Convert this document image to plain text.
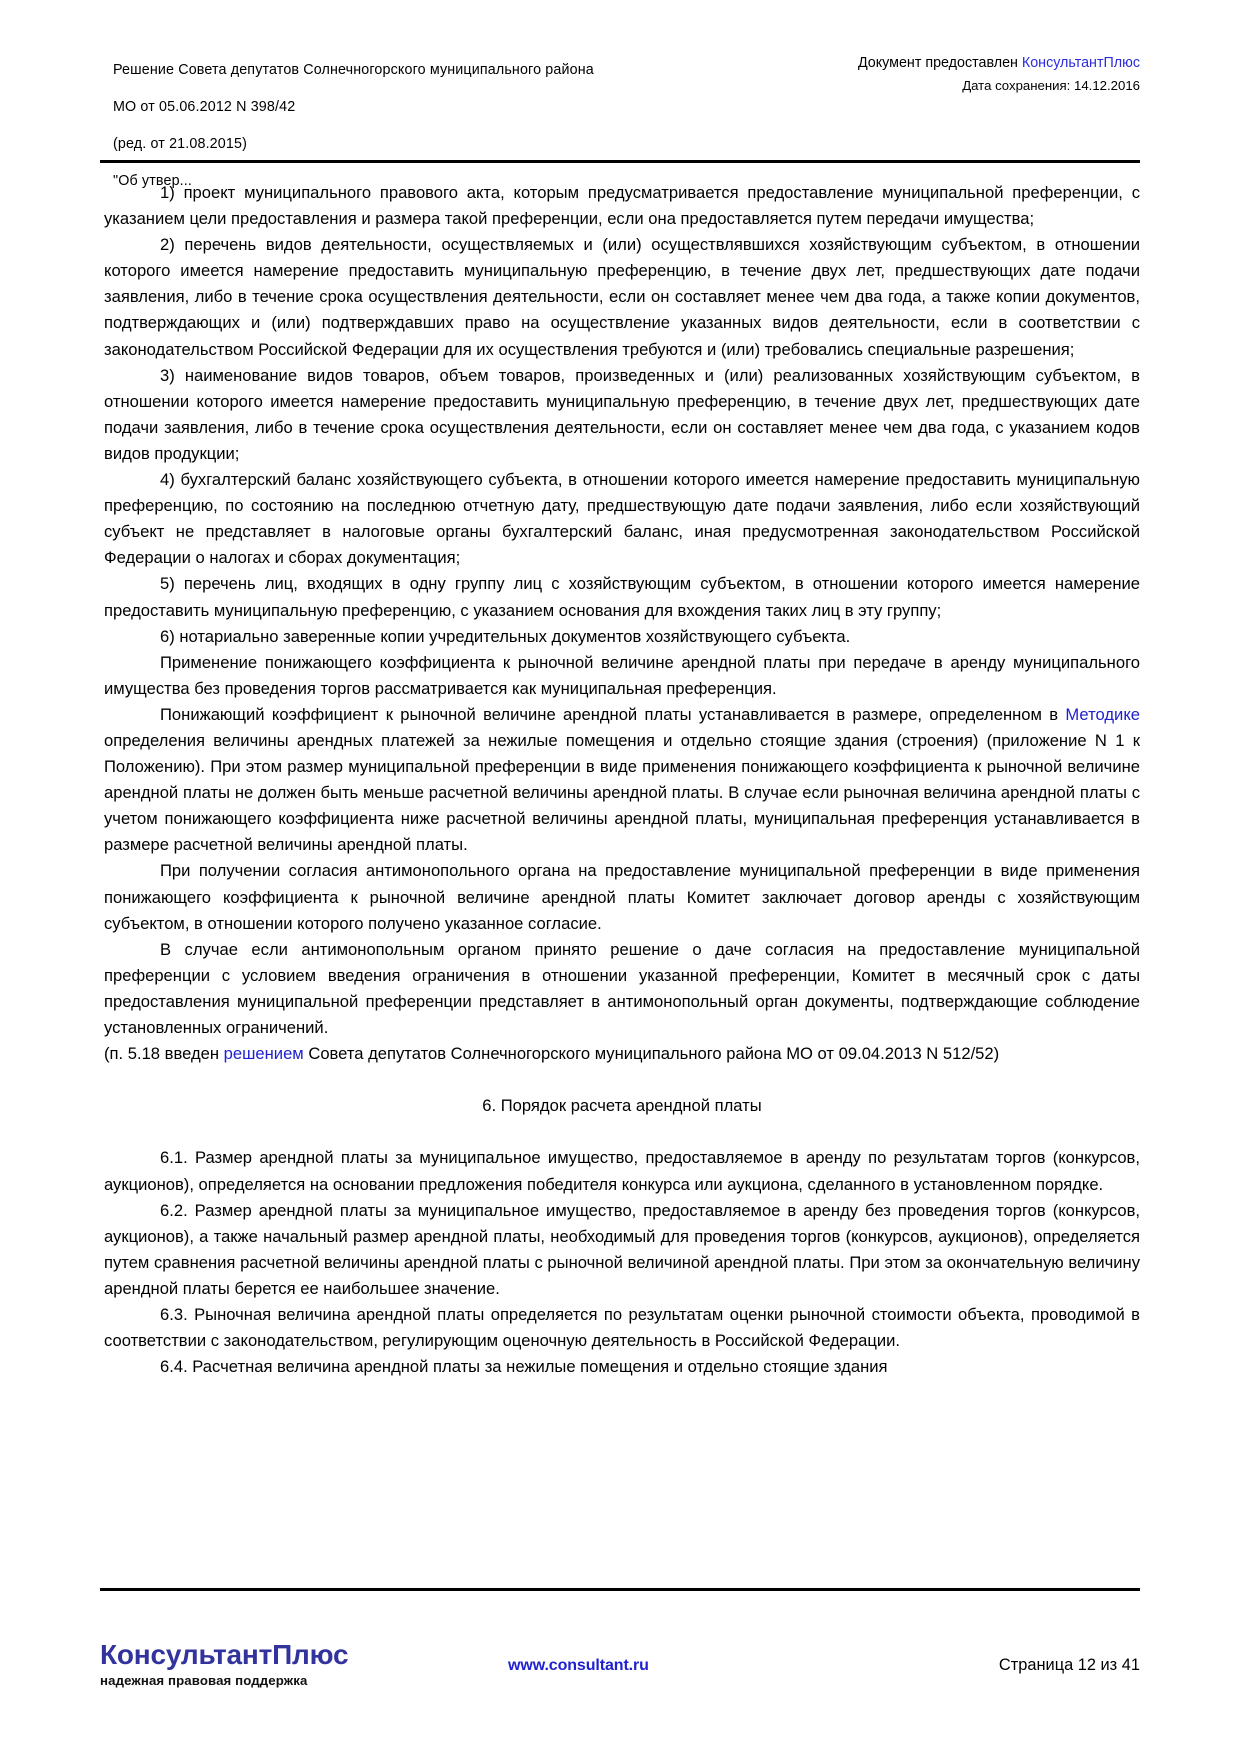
Решение Совета депутатов Солнечногорского муниципального района

МО от 05.06.2012 N 398/42

(ред. от 21.08.2015)

"Об утвер...

Документ предоставлен КонсультантПлюс
Дата сохранения: 14.12.2016

1) проект муниципального правового акта, которым предусматривается предоставление муниципальной преференции, с указанием цели предоставления и размера такой преференции, если она предоставляется путем передачи имущества;

2) перечень видов деятельности, осуществляемых и (или) осуществлявшихся хозяйствующим субъектом, в отношении которого имеется намерение предоставить муниципальную преференцию, в течение двух лет, предшествующих дате подачи заявления, либо в течение срока осуществления деятельности, если он составляет менее чем два года, а также копии документов, подтверждающих и (или) подтверждавших право на осуществление указанных видов деятельности, если в соответствии с законодательством Российской Федерации для их осуществления требуются и (или) требовались специальные разрешения;

3) наименование видов товаров, объем товаров, произведенных и (или) реализованных хозяйствующим субъектом, в отношении которого имеется намерение предоставить муниципальную преференцию, в течение двух лет, предшествующих дате подачи заявления, либо в течение срока осуществления деятельности, если он составляет менее чем два года, с указанием кодов видов продукции;

4) бухгалтерский баланс хозяйствующего субъекта, в отношении которого имеется намерение предоставить муниципальную преференцию, по состоянию на последнюю отчетную дату, предшествующую дате подачи заявления, либо если хозяйствующий субъект не представляет в налоговые органы бухгалтерский баланс, иная предусмотренная законодательством Российской Федерации о налогах и сборах документация;

5) перечень лиц, входящих в одну группу лиц с хозяйствующим субъектом, в отношении которого имеется намерение предоставить муниципальную преференцию, с указанием основания для вхождения таких лиц в эту группу;

6) нотариально заверенные копии учредительных документов хозяйствующего субъекта.

Применение понижающего коэффициента к рыночной величине арендной платы при передаче в аренду муниципального имущества без проведения торгов рассматривается как муниципальная преференция.

Понижающий коэффициент к рыночной величине арендной платы устанавливается в размере, определенном в Методике определения величины арендных платежей за нежилые помещения и отдельно стоящие здания (строения) (приложение N 1 к Положению). При этом размер муниципальной преференции в виде применения понижающего коэффициента к рыночной величине арендной платы не должен быть меньше расчетной величины арендной платы. В случае если рыночная величина арендной платы с учетом понижающего коэффициента ниже расчетной величины арендной платы, муниципальная преференция устанавливается в размере расчетной величины арендной платы.

При получении согласия антимонопольного органа на предоставление муниципальной преференции в виде применения понижающего коэффициента к рыночной величине арендной платы Комитет заключает договор аренды с хозяйствующим субъектом, в отношении которого получено указанное согласие.

В случае если антимонопольным органом принято решение о даче согласия на предоставление муниципальной преференции с условием введения ограничения в отношении указанной преференции, Комитет в месячный срок с даты предоставления муниципальной преференции представляет в антимонопольный орган документы, подтверждающие соблюдение установленных ограничений.

(п. 5.18 введен решением Совета депутатов Солнечногорского муниципального района МО от 09.04.2013 N 512/52)

6. Порядок расчета арендной платы

6.1. Размер арендной платы за муниципальное имущество, предоставляемое в аренду по результатам торгов (конкурсов, аукционов), определяется на основании предложения победителя конкурса или аукциона, сделанного в установленном порядке.

6.2. Размер арендной платы за муниципальное имущество, предоставляемое в аренду без проведения торгов (конкурсов, аукционов), а также начальный размер арендной платы, необходимый для проведения торгов (конкурсов, аукционов), определяется путем сравнения расчетной величины арендной платы с рыночной величиной арендной платы. При этом за окончательную величину арендной платы берется ее наибольшее значение.

6.3. Рыночная величина арендной платы определяется по результатам оценки рыночной стоимости объекта, проводимой в соответствии с законодательством, регулирующим оценочную деятельность в Российской Федерации.

6.4. Расчетная величина арендной платы за нежилые помещения и отдельно стоящие здания

КонсультантПлюс
надежная правовая поддержка
www.consultant.ru	Страница 12 из 41
